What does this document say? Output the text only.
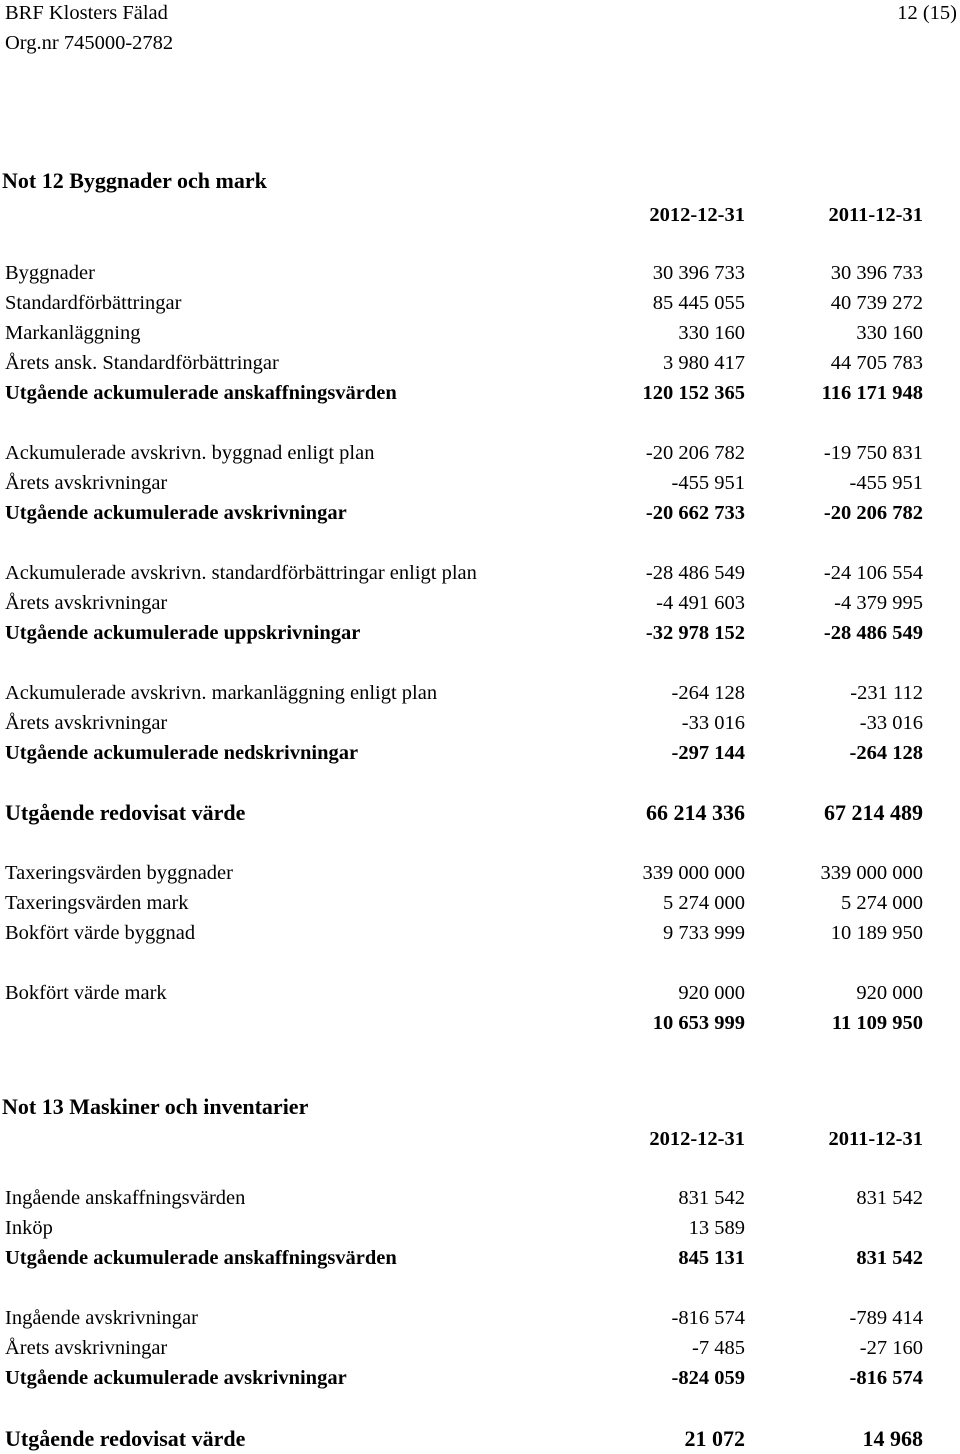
BRF Klosters Fälad
Org.nr 745000-2782
12 (15)
Not 12 Byggnader och mark
2012-12-31	2011-12-31
Byggnader	30 396 733	30 396 733
Standardförbättringar	85 445 055	40 739 272
Markanläggning	330 160	330 160
Årets ansk. Standardförbättringar	3 980 417	44 705 783
Utgående ackumulerade anskaffningsvärden	120 152 365	116 171 948
Ackumulerade avskrivn. byggnad enligt plan	-20 206 782	-19 750 831
Årets avskrivningar	-455 951	-455 951
Utgående ackumulerade avskrivningar	-20 662 733	-20 206 782
Ackumulerade avskrivn. standardförbättringar enligt plan	-28 486 549	-24 106 554
Årets avskrivningar	-4 491 603	-4 379 995
Utgående ackumulerade uppskrivningar	-32 978 152	-28 486 549
Ackumulerade avskrivn. markanläggning enligt plan	-264 128	-231 112
Årets avskrivningar	-33 016	-33 016
Utgående ackumulerade nedskrivningar	-297 144	-264 128
Utgående redovisat värde	66 214 336	67 214 489
Taxeringsvärden byggnader	339 000 000	339 000 000
Taxeringsvärden mark	5 274 000	5 274 000
Bokfört värde byggnad	9 733 999	10 189 950
Bokfört värde mark	920 000	920 000
10 653 999	11 109 950
Not 13 Maskiner och inventarier
2012-12-31	2011-12-31
Ingående anskaffningsvärden	831 542	831 542
Inköp	13 589
Utgående ackumulerade anskaffningsvärden	845 131	831 542
Ingående avskrivningar	-816 574	-789 414
Årets avskrivningar	-7 485	-27 160
Utgående ackumulerade avskrivningar	-824 059	-816 574
Utgående redovisat värde	21 072	14 968
